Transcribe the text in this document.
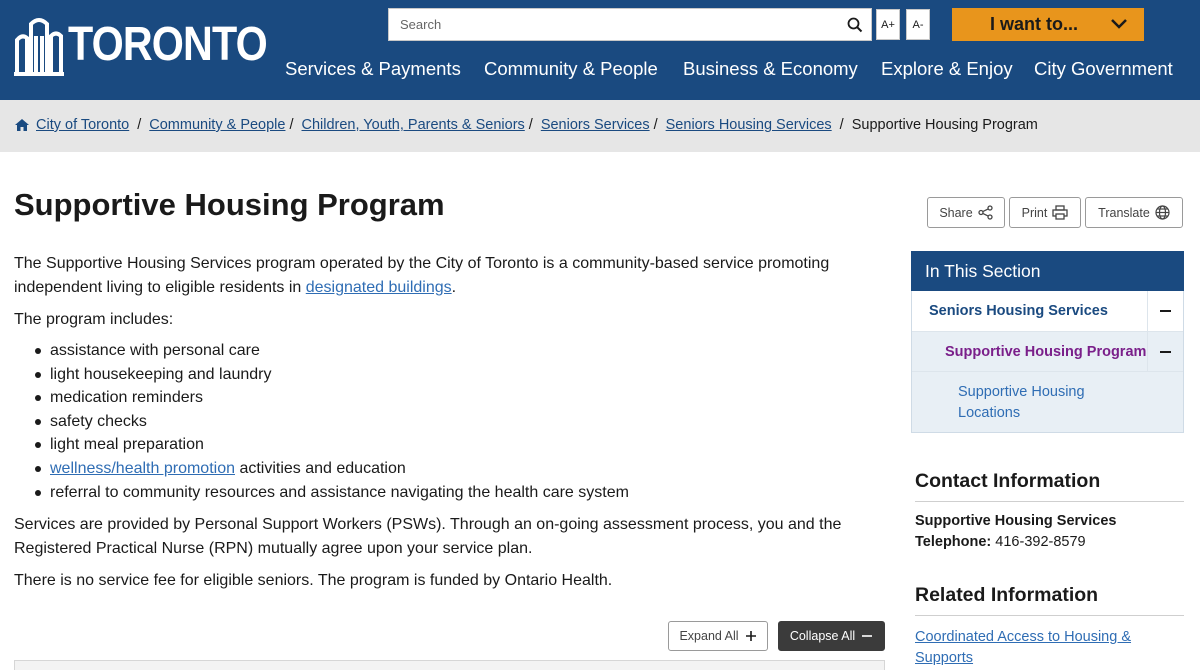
TORONTO
Search	A+	A-	I want to...
Services & Payments Community & People Business & Economy Explore & Enjoy City Government
City of Toronto / Community & People / Children, Youth, Parents & Seniors / Seniors Services / Seniors Housing Services / Supportive Housing Program
Supportive Housing Program	Share	Print	Translate

The Supportive Housing Services program operated by the City of Toronto is a community-based service promoting independent living to eligible residents in designated buildings.

The program includes:

assistance with personal care
light housekeeping and laundry
medication reminders
safety checks
light meal preparation
wellness/health promotion activities and education
referral to community resources and assistance navigating the health care system

Services are provided by Personal Support Workers (PSWs). Through an on-going assessment process, you and the Registered Practical Nurse (RPN) mutually agree upon your service plan.

There is no service fee for eligible seniors. The program is funded by Ontario Health.

Expand All	Collapse All
In This Section
Seniors Housing Services
Supportive Housing Program
Supportive Housing Locations
Contact Information
Supportive Housing Services
Telephone: 416-392-8579
Related Information
Coordinated Access to Housing & Supports
